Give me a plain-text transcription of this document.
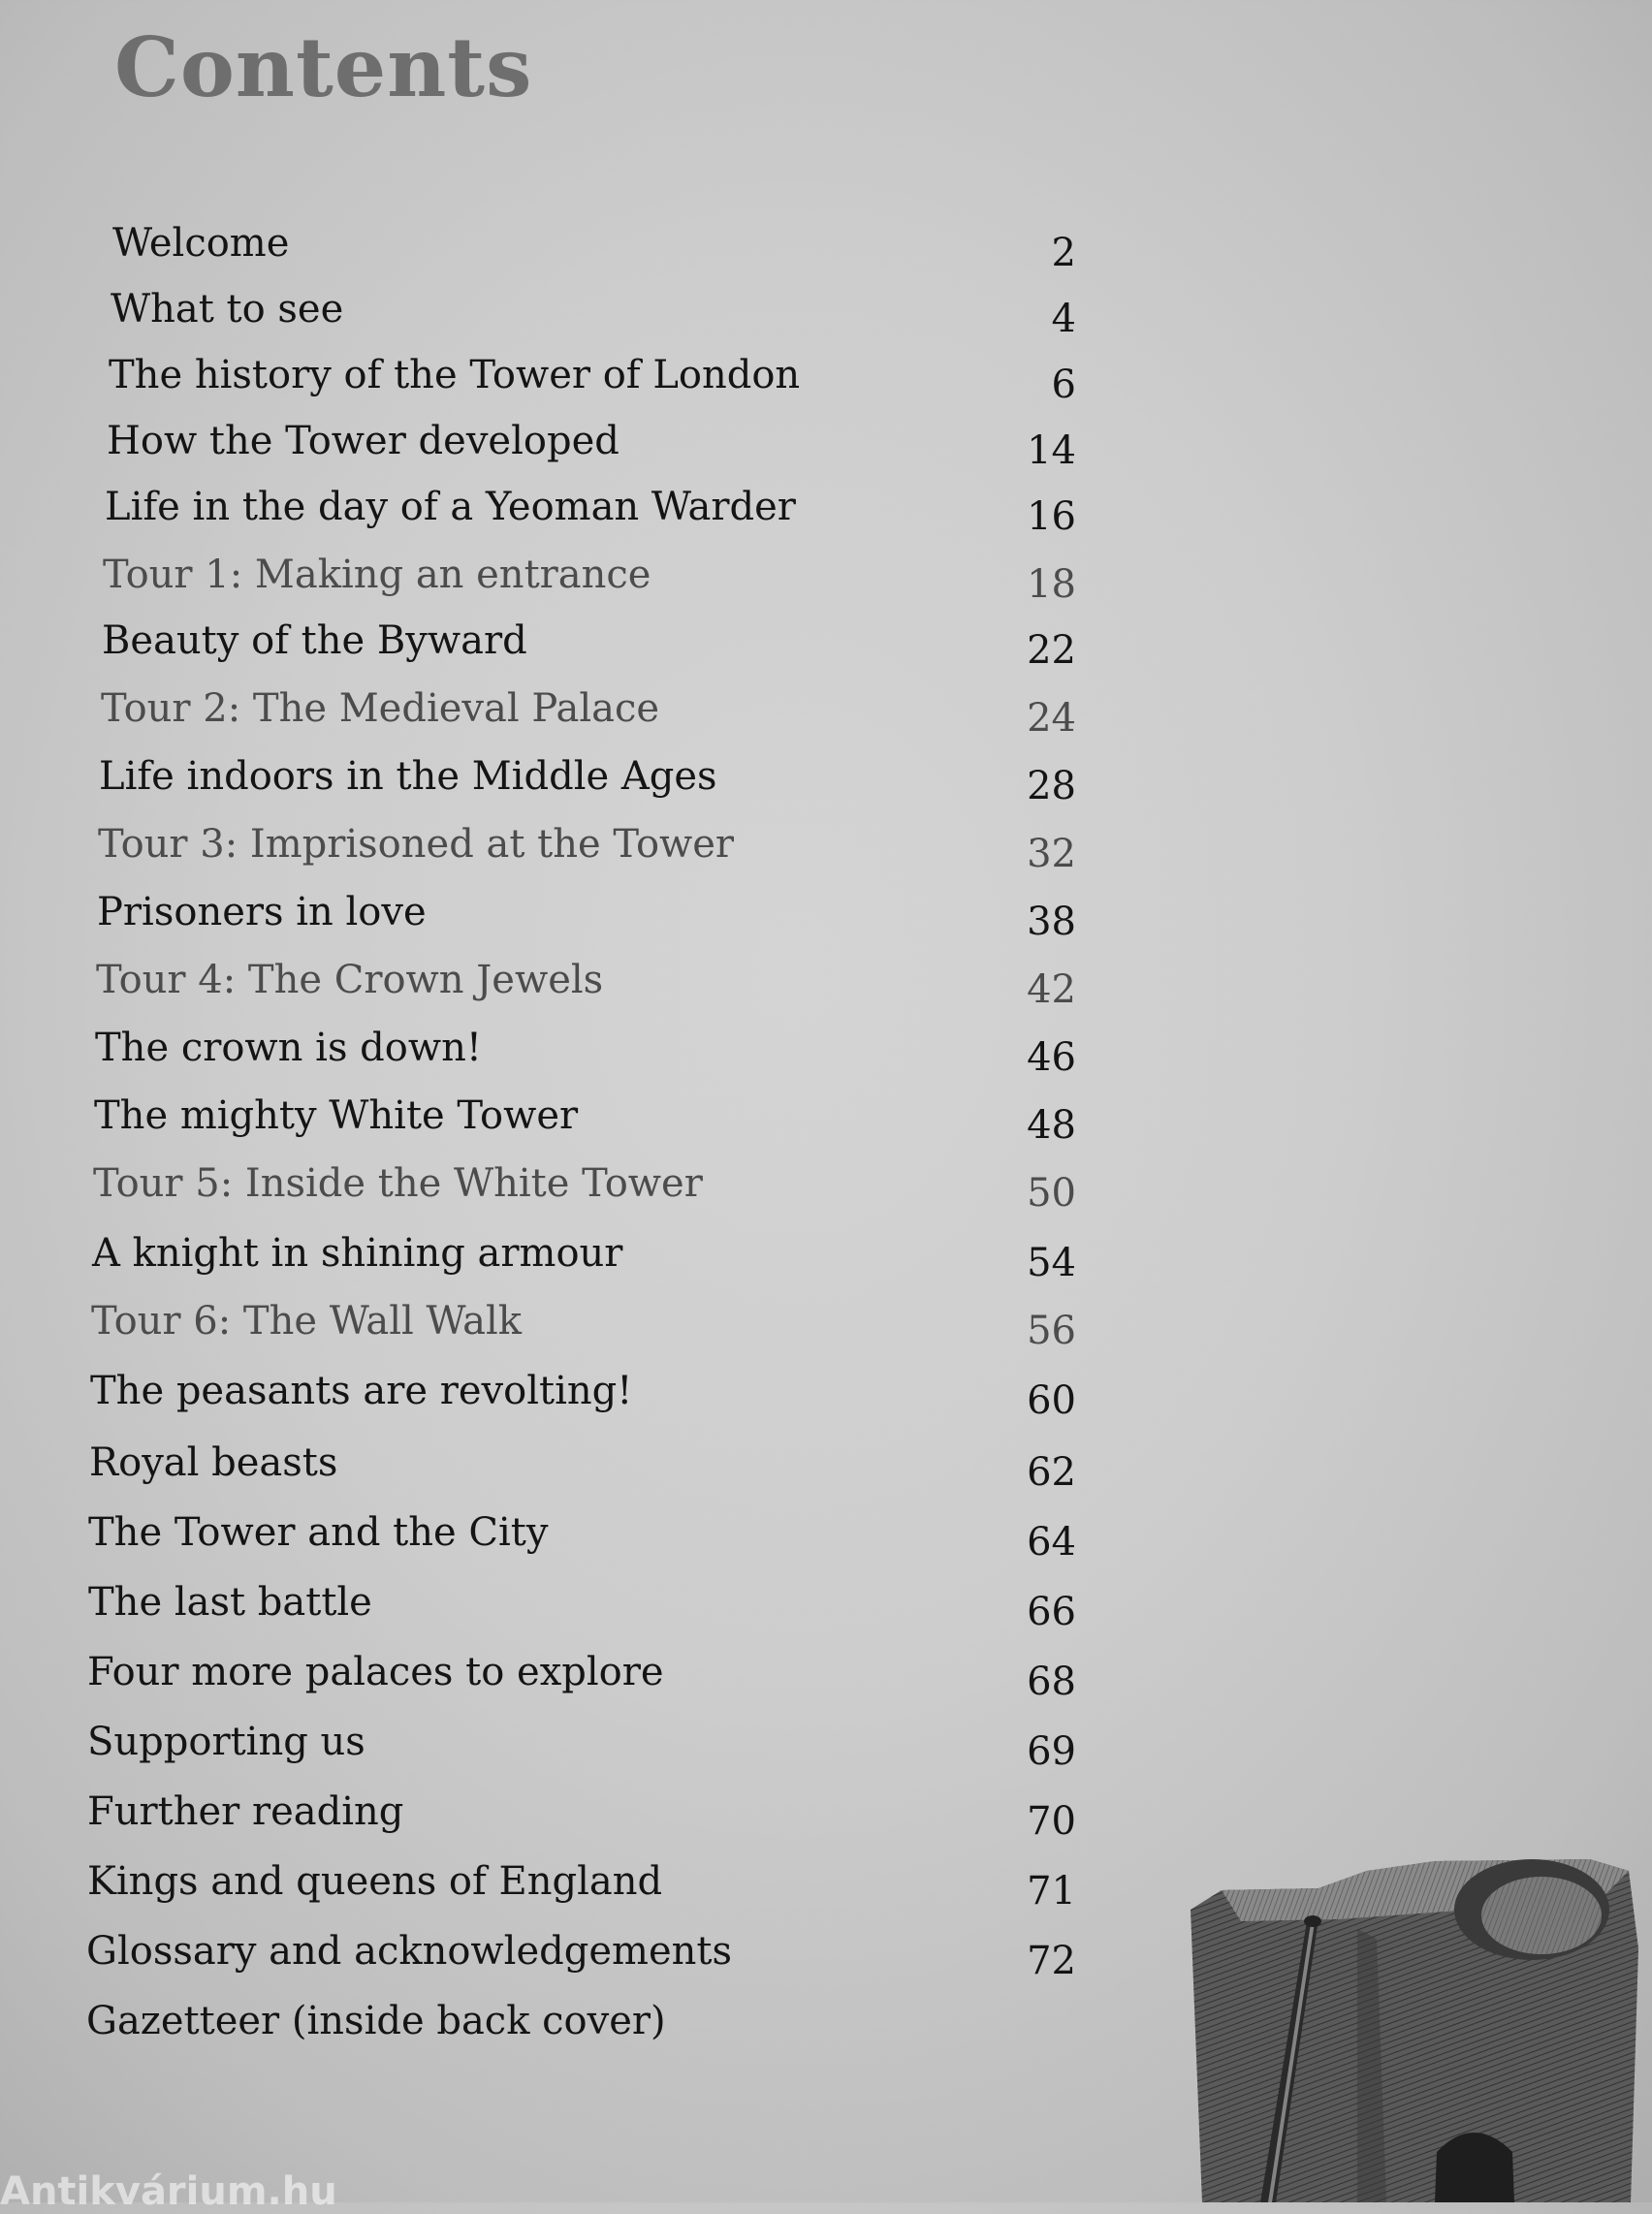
Contents
Welcome	2
What to see	4
The history of the Tower of London	6
How the Tower developed	14
Life in the day of a Yeoman Warder	16
Tour 1: Making an entrance	18
Beauty of the Byward	22
Tour 2: The Medieval Palace	24
Life indoors in the Middle Ages	28
Tour 3: Imprisoned at the Tower	32
Prisoners in love	38
Tour 4: The Crown Jewels	42
The crown is down!	46
The mighty White Tower	48
Tour 5: Inside the White Tower	50
A knight in shining armour	54
Tour 6: The Wall Walk	56
The peasants are revolting!	60
Royal beasts	62
The Tower and the City	64
The last battle	66
Four more palaces to explore	68
Supporting us	69
Further reading	70
Kings and queens of England	71
Glossary and acknowledgements	72
Gazetteer (inside back cover)
Antikvárium.hu
